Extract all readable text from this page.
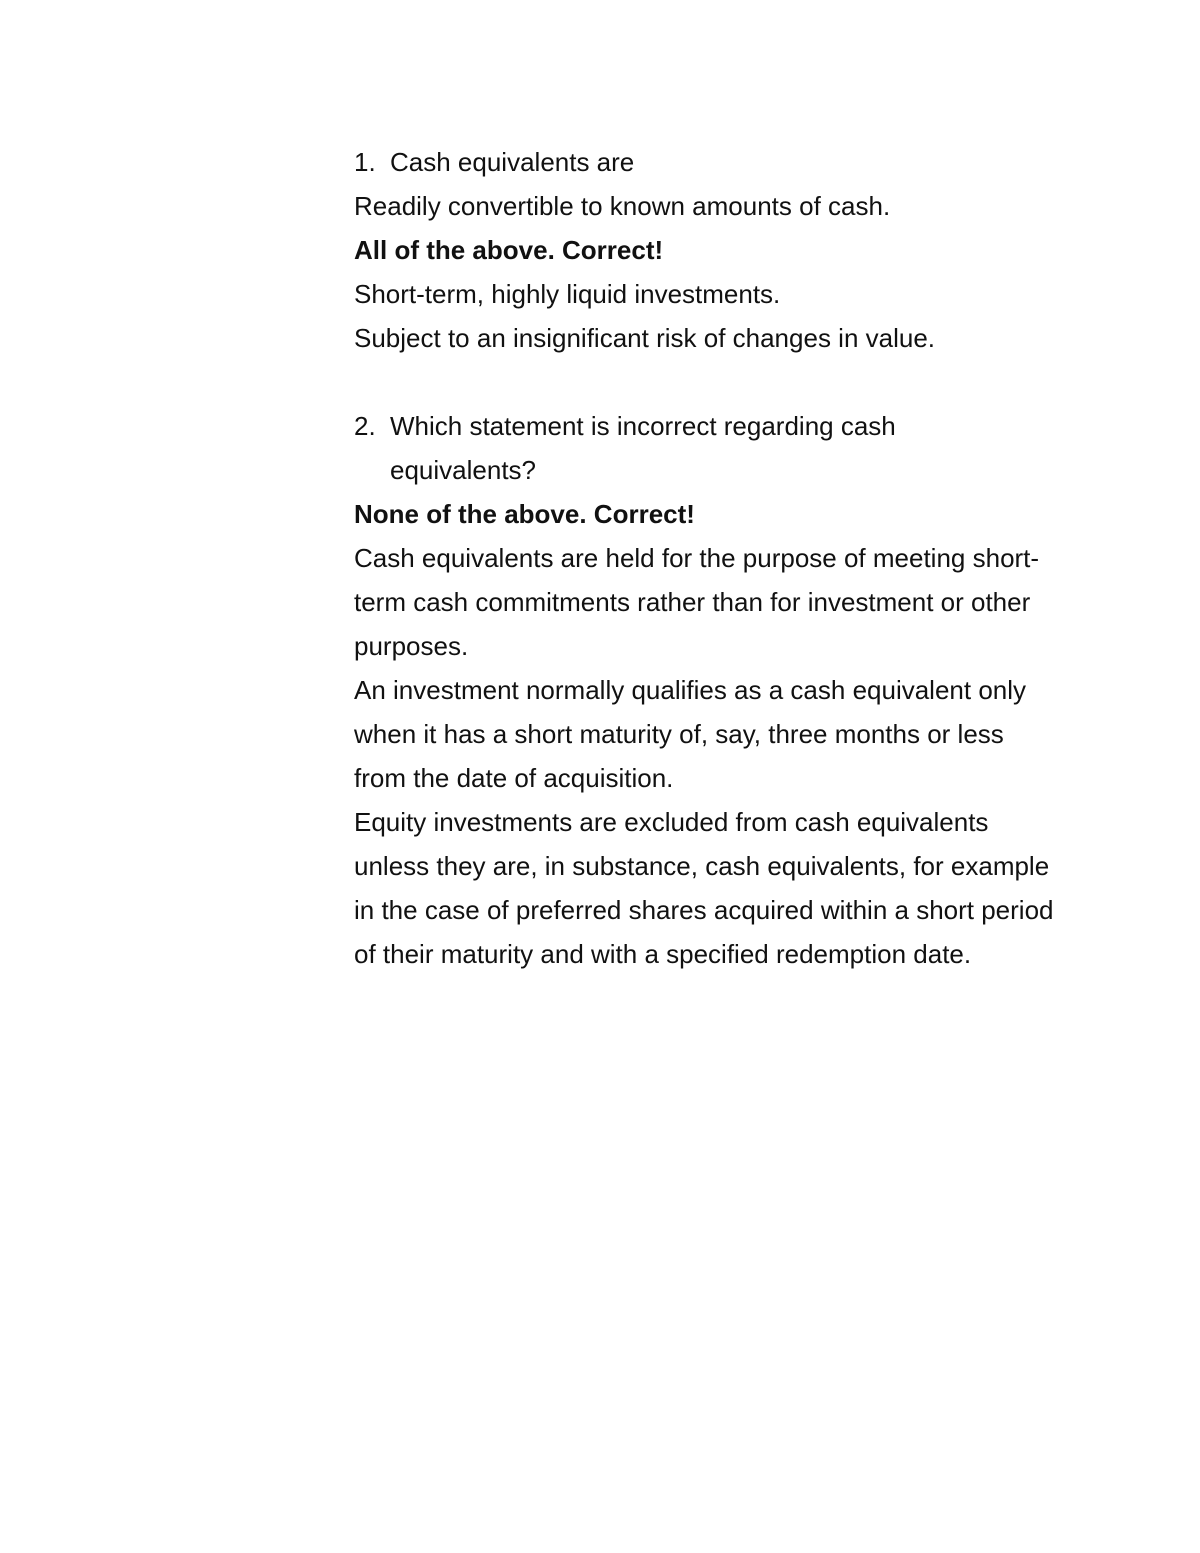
1. Cash equivalents are

Readily convertible to known amounts of cash.

All of the above. Correct!

Short-term, highly liquid investments.

Subject to an insignificant risk of changes in value.

2. Which statement is incorrect regarding cash equivalents?

None of the above. Correct!

Cash equivalents are held for the purpose of meeting short-term cash commitments rather than for investment or other purposes.

An investment normally qualifies as a cash equivalent only when it has a short maturity of, say, three months or less from the date of acquisition.

Equity investments are excluded from cash equivalents unless they are, in substance, cash equivalents, for example in the case of preferred shares acquired within a short period of their maturity and with a specified redemption date.
